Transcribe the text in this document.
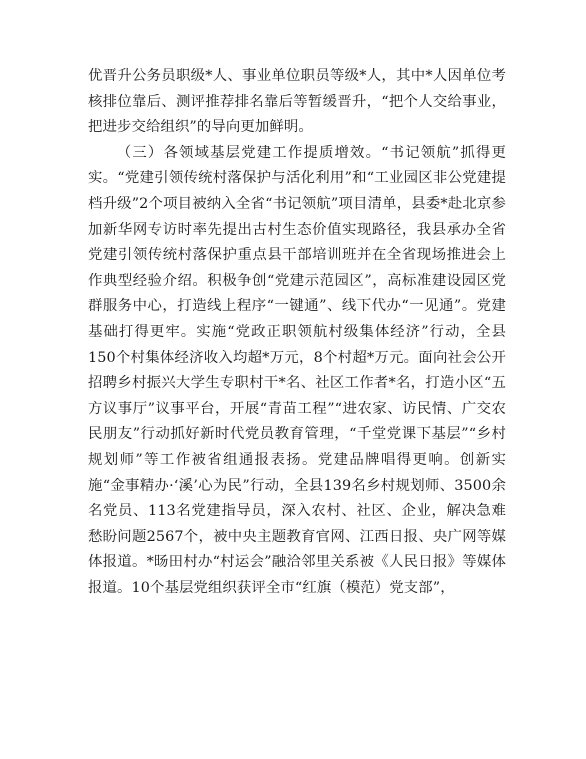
优晋升公务员职级*人、事业单位职员等级*人，其中*人因单位考核排位靠后、测评推荐排名靠后等暂缓晋升，“把个人交给事业，把进步交给组织”的导向更加鲜明。

（三）各领域基层党建工作提质增效。“书记领航”抓得更实。“党建引领传统村落保护与活化利用”和“工业园区非公党建提档升级”2个项目被纳入全省“书记领航”项目清单，县委*赴北京参加新华网专访时率先提出古村生态价值实现路径，我县承办全省党建引领传统村落保护重点县干部培训班并在全省现场推进会上作典型经验介绍。积极争创“党建示范园区”，高标准建设园区党群服务中心，打造线上程序“一键通”、线下代办“一见通”。党建基础打得更牢。实施“党政正职领航村级集体经济”行动，全县150个村集体经济收入均超*万元，8个村超*万元。面向社会公开招聘乡村振兴大学生专职村干*名、社区工作者*名，打造小区“五方议事厅”议事平台，开展“青苗工程”“进农家、访民情、广交农民朋友”行动抓好新时代党员教育管理，“千堂党课下基层”“乡村规划师”等工作被省组通报表扬。党建品牌唱得更响。创新实施“金事精办·‘溪’心为民”行动，全县139名乡村规划师、3500余名党员、113名党建指导员，深入农村、社区、企业，解决急难愁盼问题2567个，被中央主题教育官网、江西日报、央广网等媒体报道。*旸田村办“村运会”融洽邻里关系被《人民日报》等媒体报道。10个基层党组织获评全市“红旗（模范）党支部”，
